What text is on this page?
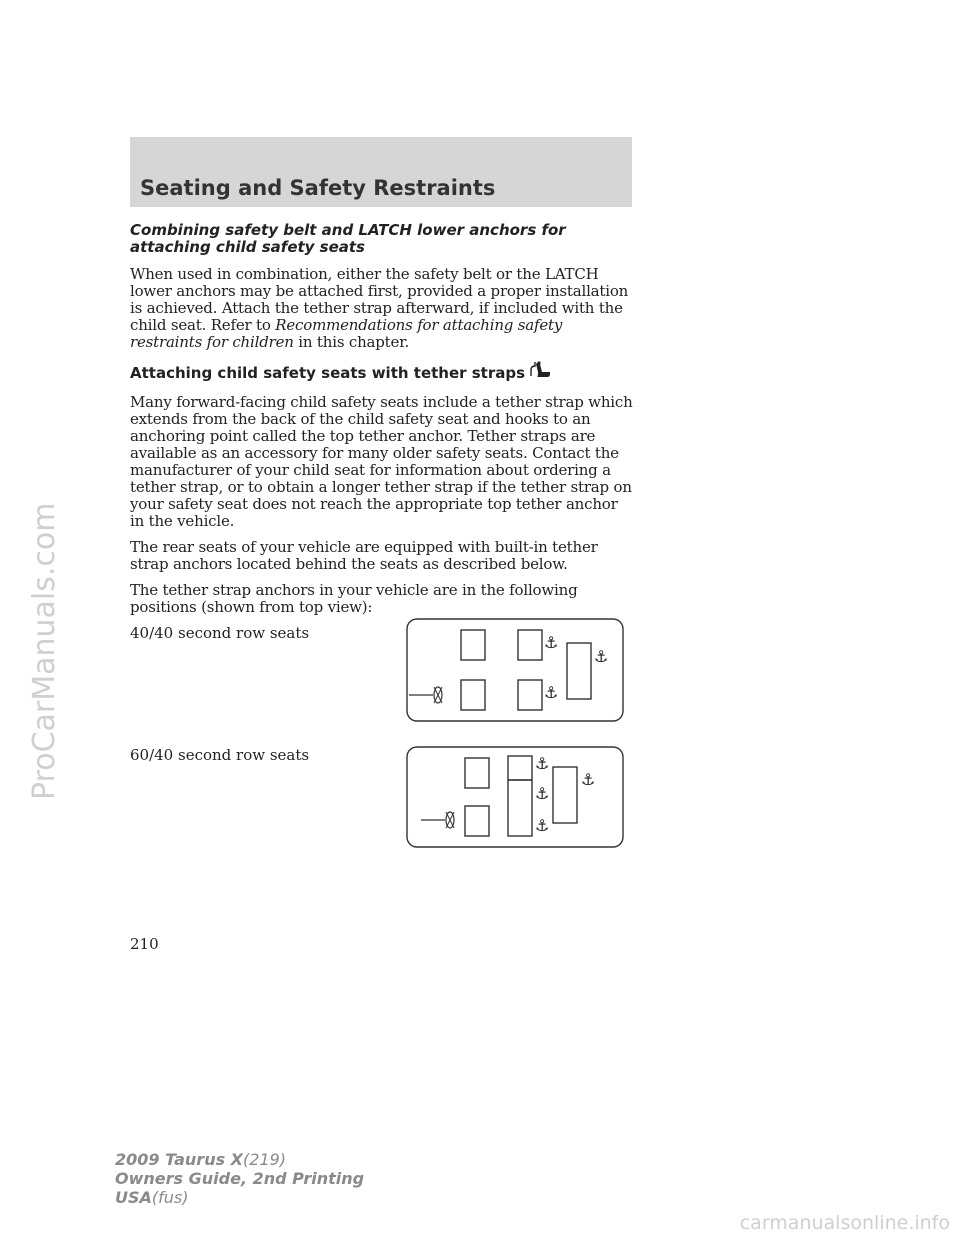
ProCarManuals.com
Seating and Safety Restraints

Combining safety belt and LATCH lower anchors for attaching child safety seats

When used in combination, either the safety belt or the LATCH lower anchors may be attached first, provided a proper installation is achieved. Attach the tether strap afterward, if included with the child seat. Refer to Recommendations for attaching safety restraints for children in this chapter.

Attaching child safety seats with tether straps

Many forward-facing child safety seats include a tether strap which extends from the back of the child safety seat and hooks to an anchoring point called the top tether anchor. Tether straps are available as an accessory for many older safety seats. Contact the manufacturer of your child seat for information about ordering a tether strap, or to obtain a longer tether strap if the tether strap on your safety seat does not reach the appropriate top tether anchor in the vehicle.

The rear seats of your vehicle are equipped with built-in tether strap anchors located behind the seats as described below.

The tether strap anchors in your vehicle are in the following positions (shown from top view):

40/40 second row seats	⚓
⚓
⚓
60/40 second row seats	⚓
⚓
⚓
⚓
210
2009 Taurus X(219)
Owners Guide, 2nd Printing
USA(fus)
carmanualsonline.info
